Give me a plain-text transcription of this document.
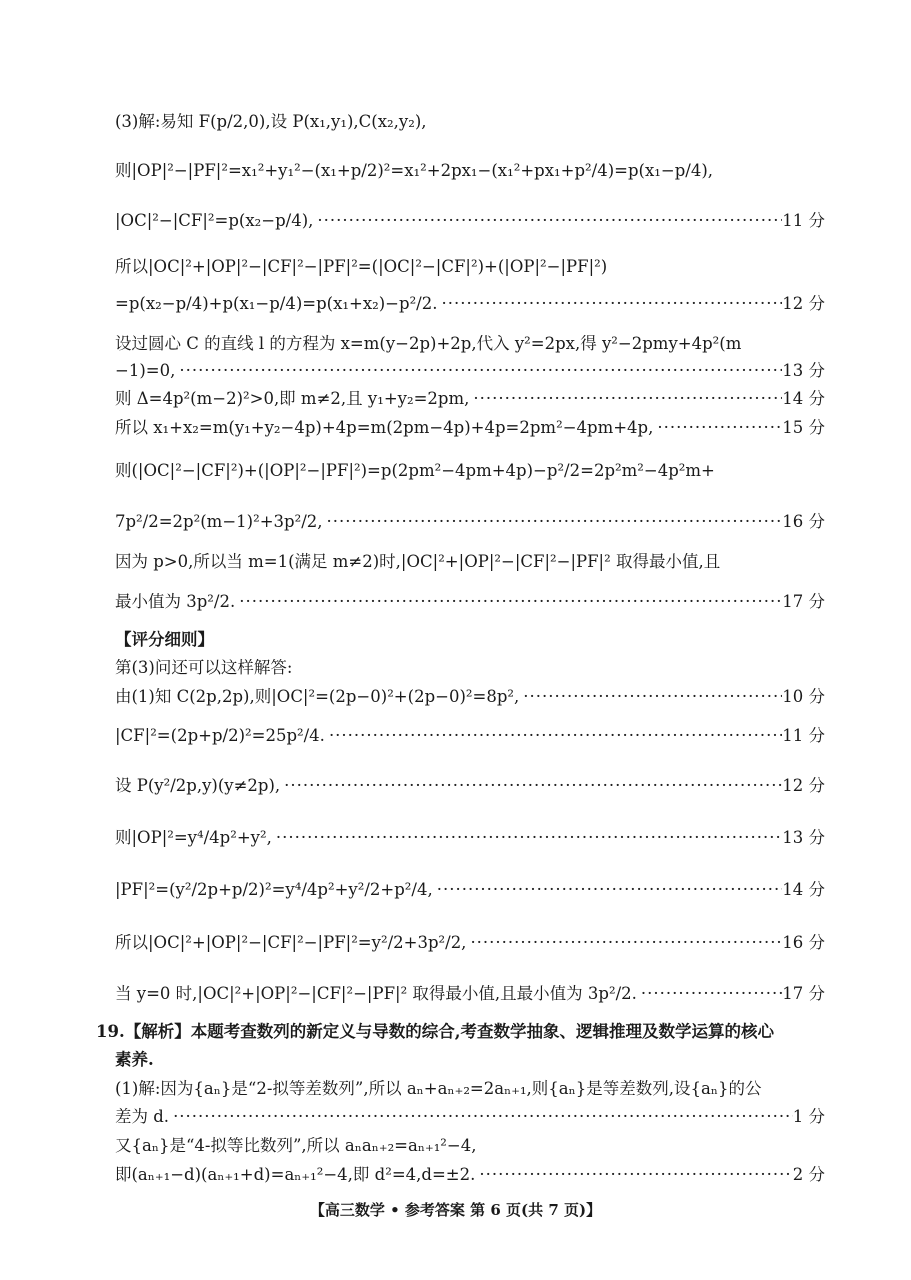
(3)解:易知 F(p/2,0),设 P(x₁,y₁),C(x₂,y₂),
则|OP|²−|PF|²=x₁²+y₁²−(x₁+p/2)²=x₁²+2px₁−(x₁²+px₁+p²/4)=p(x₁−p/4),
|OC|²−|CF|²=p(x₂−p/4), ·····	11 分
所以|OC|²+|OP|²−|CF|²−|PF|²=(|OC|²−|CF|²)+(|OP|²−|PF|²)
=p(x₂−p/4)+p(x₁−p/4)=p(x₁+x₂)−p²/2. ·····	12 分
设过圆心 C 的直线 l 的方程为 x=m(y−2p)+2p,代入 y²=2px,得 y²−2pmy+4p²(m
−1)=0, ·····	13 分
则 Δ=4p²(m−2)²>0,即 m≠2,且 y₁+y₂=2pm, ·····	14 分
所以 x₁+x₂=m(y₁+y₂−4p)+4p=m(2pm−4p)+4p=2pm²−4pm+4p, ·····	15 分
则(|OC|²−|CF|²)+(|OP|²−|PF|²)=p(2pm²−4pm+4p)−p²/2=2p²m²−4p²m+
7p²/2=2p²(m−1)²+3p²/2, ·····	16 分
因为 p>0,所以当 m=1(满足 m≠2)时,|OC|²+|OP|²−|CF|²−|PF|² 取得最小值,且
最小值为 3p²/2. ·····	17 分
【评分细则】
第(3)问还可以这样解答:
由(1)知 C(2p,2p),则|OC|²=(2p−0)²+(2p−0)²=8p², ·····	10 分
|CF|²=(2p+p/2)²=25p²/4. ·····	11 分
设 P(y²/2p,y)(y≠2p), ·····	12 分
则|OP|²=y⁴/4p²+y², ·····	13 分
|PF|²=(y²/2p+p/2)²=y⁴/4p²+y²/2+p²/4, ·····	14 分
所以|OC|²+|OP|²−|CF|²−|PF|²=y²/2+3p²/2, ·····	16 分
当 y=0 时,|OC|²+|OP|²−|CF|²−|PF|² 取得最小值,且最小值为 3p²/2. ·····	17 分
19.【解析】本题考查数列的新定义与导数的综合,考查数学抽象、逻辑推理及数学运算的核心
素养.
(1)解:因为{aₙ}是“2-拟等差数列”,所以 aₙ+aₙ₊₂=2aₙ₊₁,则{aₙ}是等差数列,设{aₙ}的公
差为 d. ·····	1 分
又{aₙ}是“4-拟等比数列”,所以 aₙaₙ₊₂=aₙ₊₁²−4,
即(aₙ₊₁−d)(aₙ₊₁+d)=aₙ₊₁²−4,即 d²=4,d=±2. ·····	2 分
【高三数学 • 参考答案 第 6 页(共 7 页)】
